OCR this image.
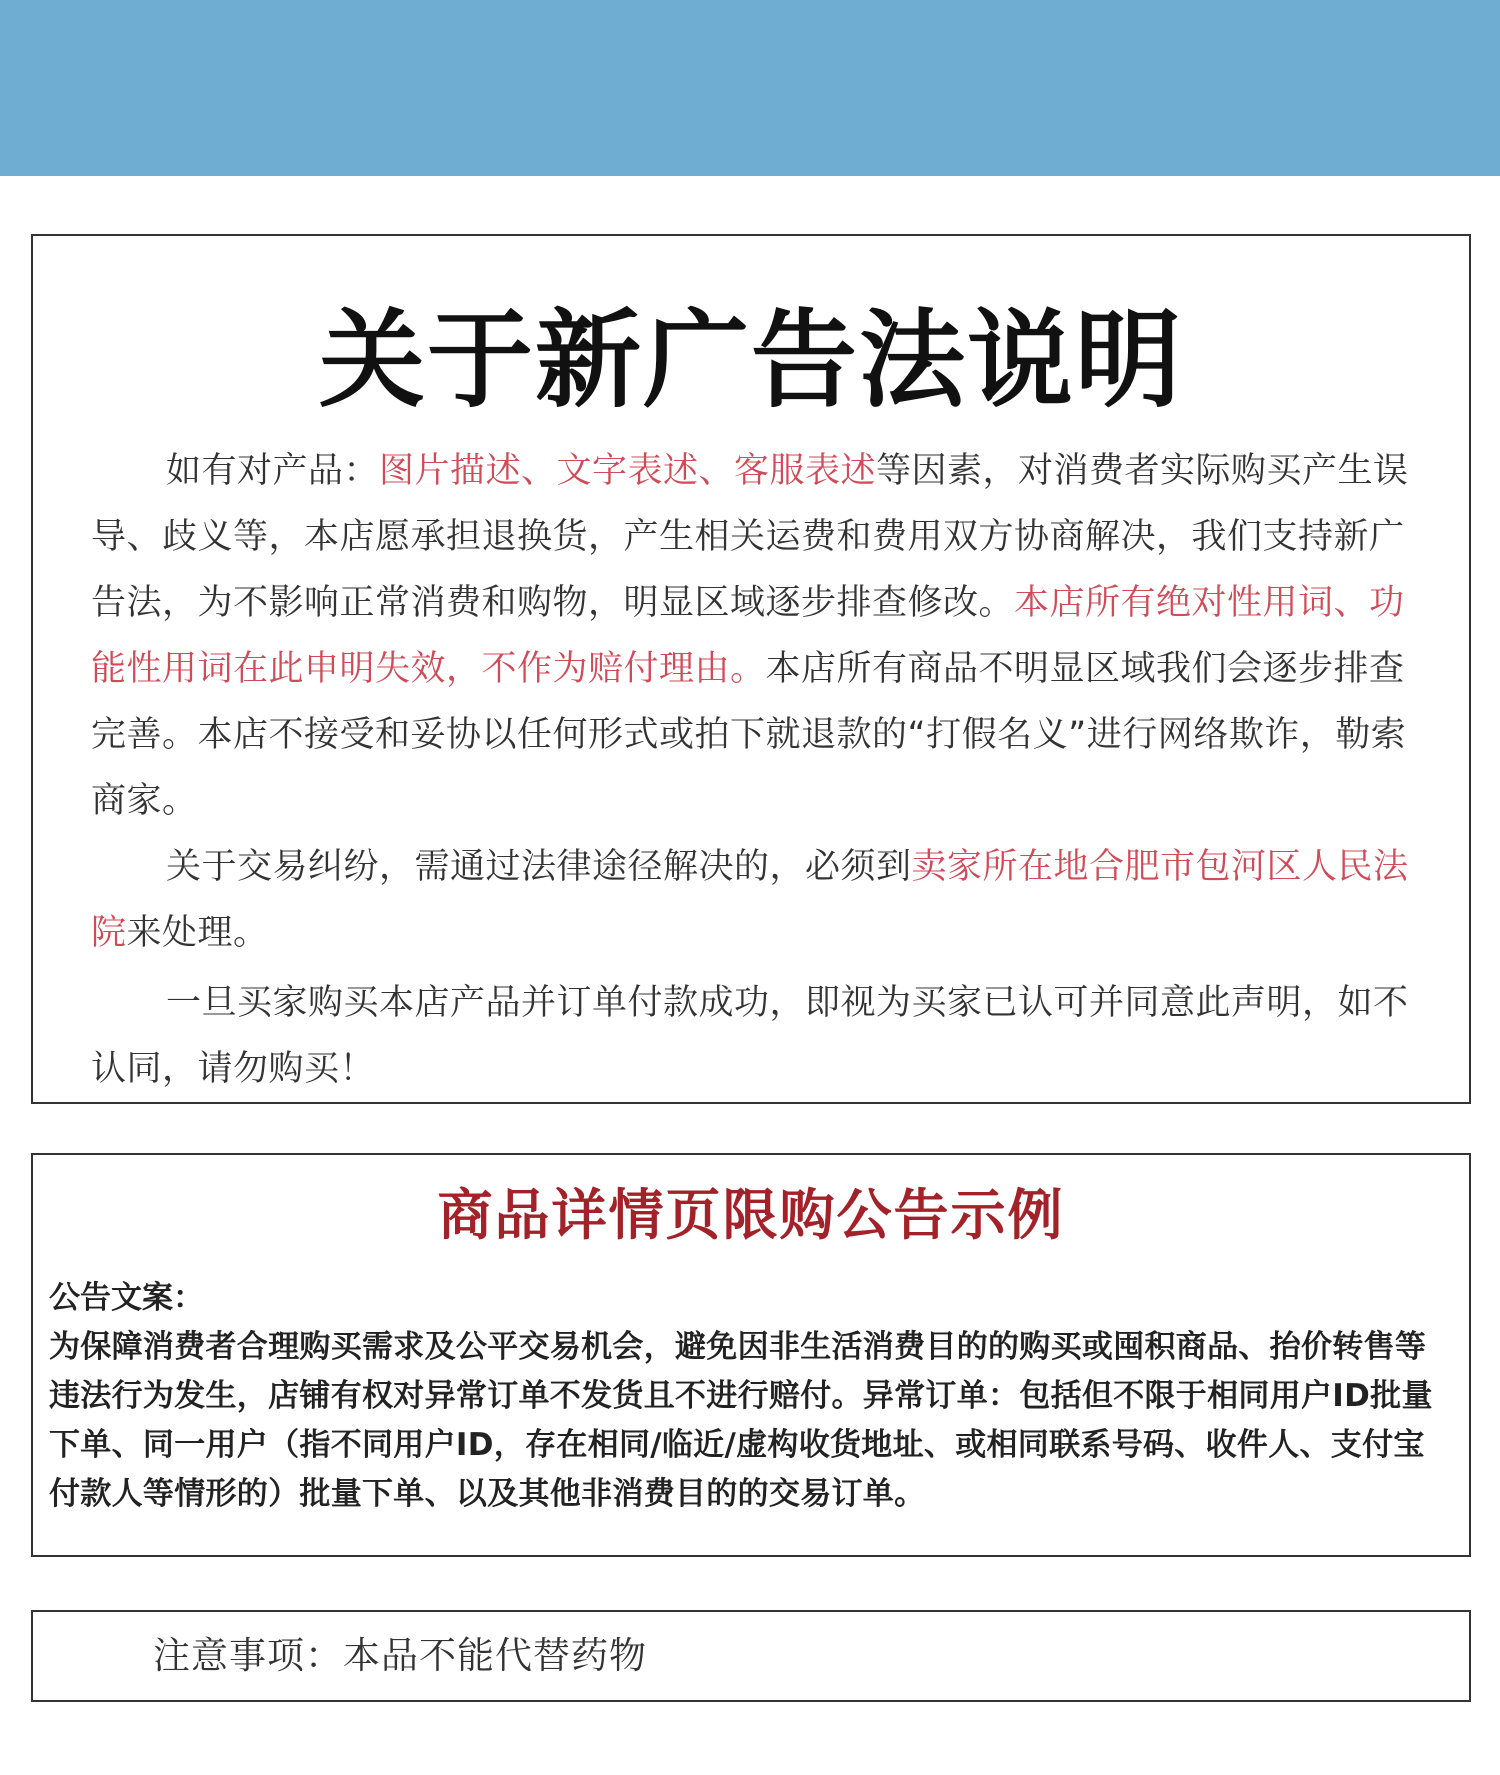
关于新广告法说明

如有对产品：图片描述、文字表述、客服表述等因素，对消费者实际购买产生误导、歧义等，本店愿承担退换货，产生相关运费和费用双方协商解决，我们支持新广告法，为不影响正常消费和购物，明显区域逐步排查修改。本店所有绝对性用词、功能性用词在此申明失效，不作为赔付理由。本店所有商品不明显区域我们会逐步排查完善。本店不接受和妥协以任何形式或拍下就退款的“打假名义”进行网络欺诈，勒索商家。

关于交易纠纷，需通过法律途径解决的，必须到卖家所在地合肥市包河区人民法院来处理。

一旦买家购买本店产品并订单付款成功，即视为买家已认可并同意此声明，如不认同，请勿购买！

商品详情页限购公告示例
公告文案：

为保障消费者合理购买需求及公平交易机会，避免因非生活消费目的的购买或囤积商品、抬价转售等违法行为发生，店铺有权对异常订单不发货且不进行赔付。异常订单：包括但不限于相同用户ID批量下单、同一用户（指不同用户ID，存在相同/临近/虚构收货地址、或相同联系号码、收件人、支付宝付款人等情形的）批量下单、以及其他非消费目的的交易订单。

注意事项：本品不能代替药物
